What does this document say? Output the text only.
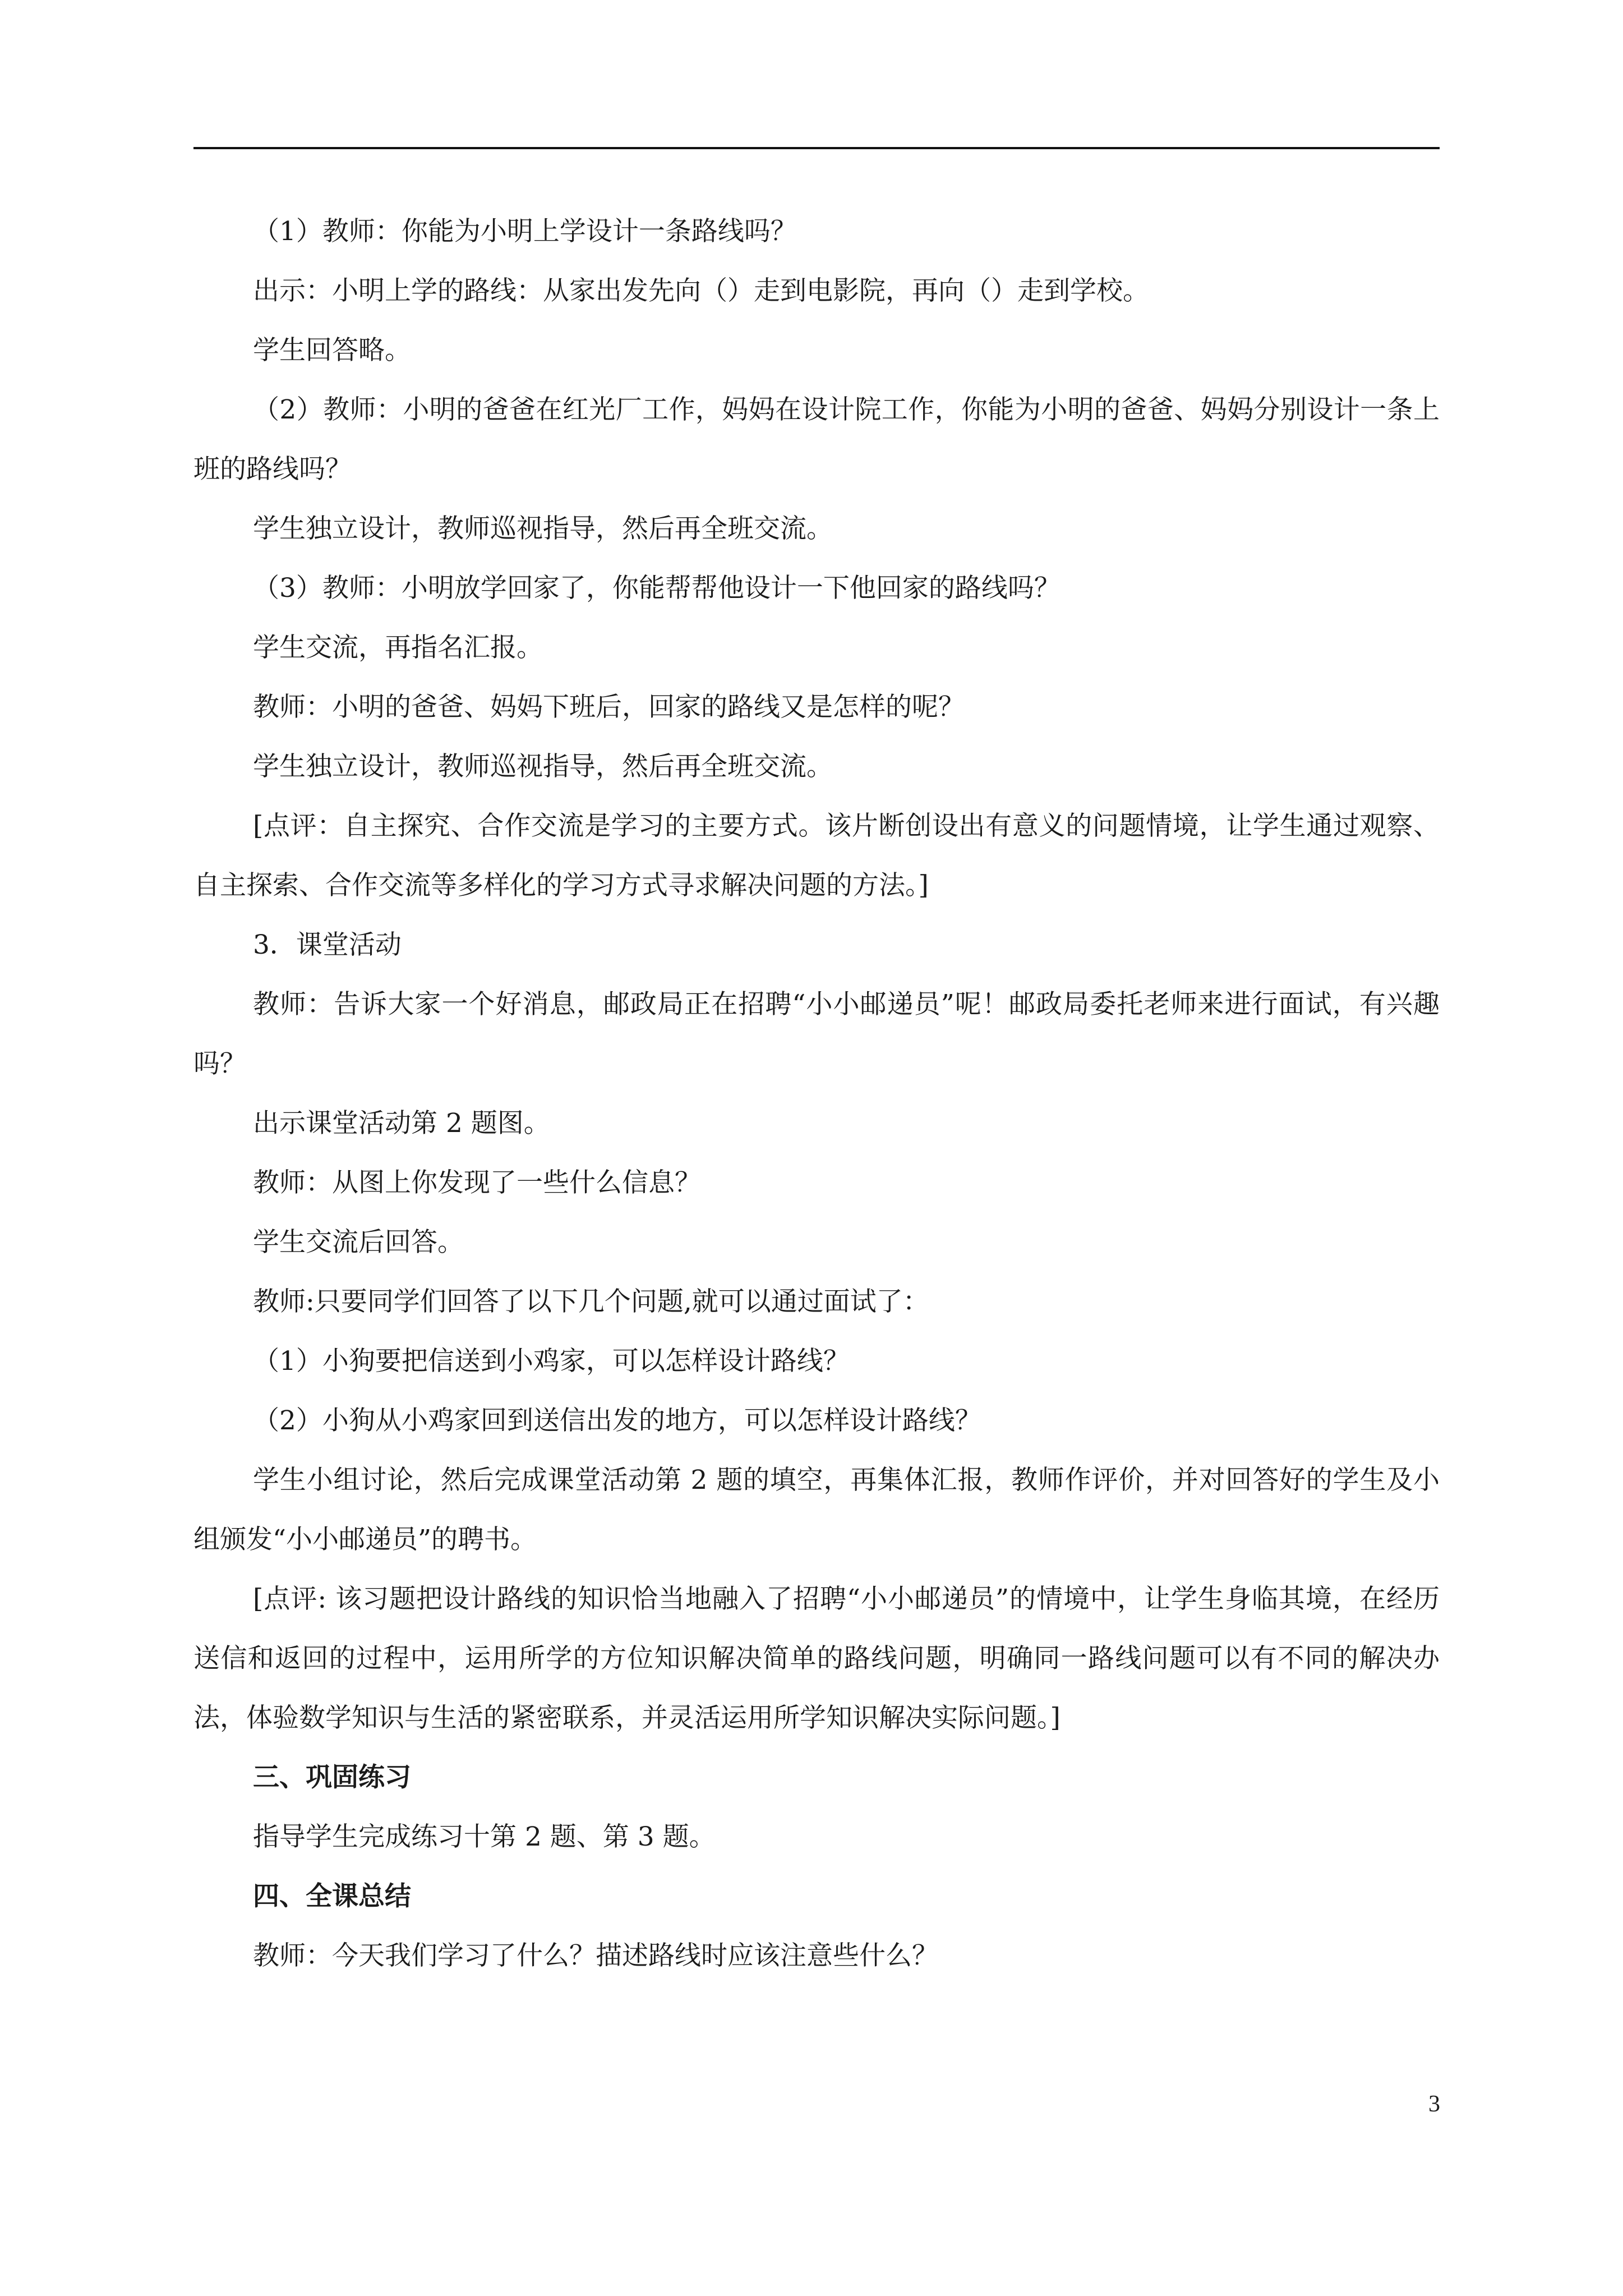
（1）教师：你能为小明上学设计一条路线吗？

出示：小明上学的路线：从家出发先向（）走到电影院，再向（）走到学校。

学生回答略。

（2）教师：小明的爸爸在红光厂工作，妈妈在设计院工作，你能为小明的爸爸、妈妈分别设计一条上班的路线吗？

学生独立设计，教师巡视指导，然后再全班交流。

（3）教师：小明放学回家了，你能帮帮他设计一下他回家的路线吗？

学生交流，再指名汇报。

教师：小明的爸爸、妈妈下班后，回家的路线又是怎样的呢？

学生独立设计，教师巡视指导，然后再全班交流。

[点评：自主探究、合作交流是学习的主要方式。该片断创设出有意义的问题情境，让学生通过观察、自主探索、合作交流等多样化的学习方式寻求解决问题的方法。]

3．课堂活动

教师：告诉大家一个好消息，邮政局正在招聘“小小邮递员”呢！邮政局委托老师来进行面试，有兴趣吗？

出示课堂活动第 2 题图。

教师：从图上你发现了一些什么信息？

学生交流后回答。

教师:只要同学们回答了以下几个问题,就可以通过面试了：

（1）小狗要把信送到小鸡家，可以怎样设计路线？

（2）小狗从小鸡家回到送信出发的地方，可以怎样设计路线？

学生小组讨论，然后完成课堂活动第 2 题的填空，再集体汇报，教师作评价，并对回答好的学生及小组颁发“小小邮递员”的聘书。

[点评: 该习题把设计路线的知识恰当地融入了招聘“小小邮递员”的情境中，让学生身临其境，在经历送信和返回的过程中，运用所学的方位知识解决简单的路线问题，明确同一路线问题可以有不同的解决办法，体验数学知识与生活的紧密联系，并灵活运用所学知识解决实际问题。]

三、巩固练习

指导学生完成练习十第 2 题、第 3 题。

四、全课总结

教师：今天我们学习了什么？描述路线时应该注意些什么？

3
